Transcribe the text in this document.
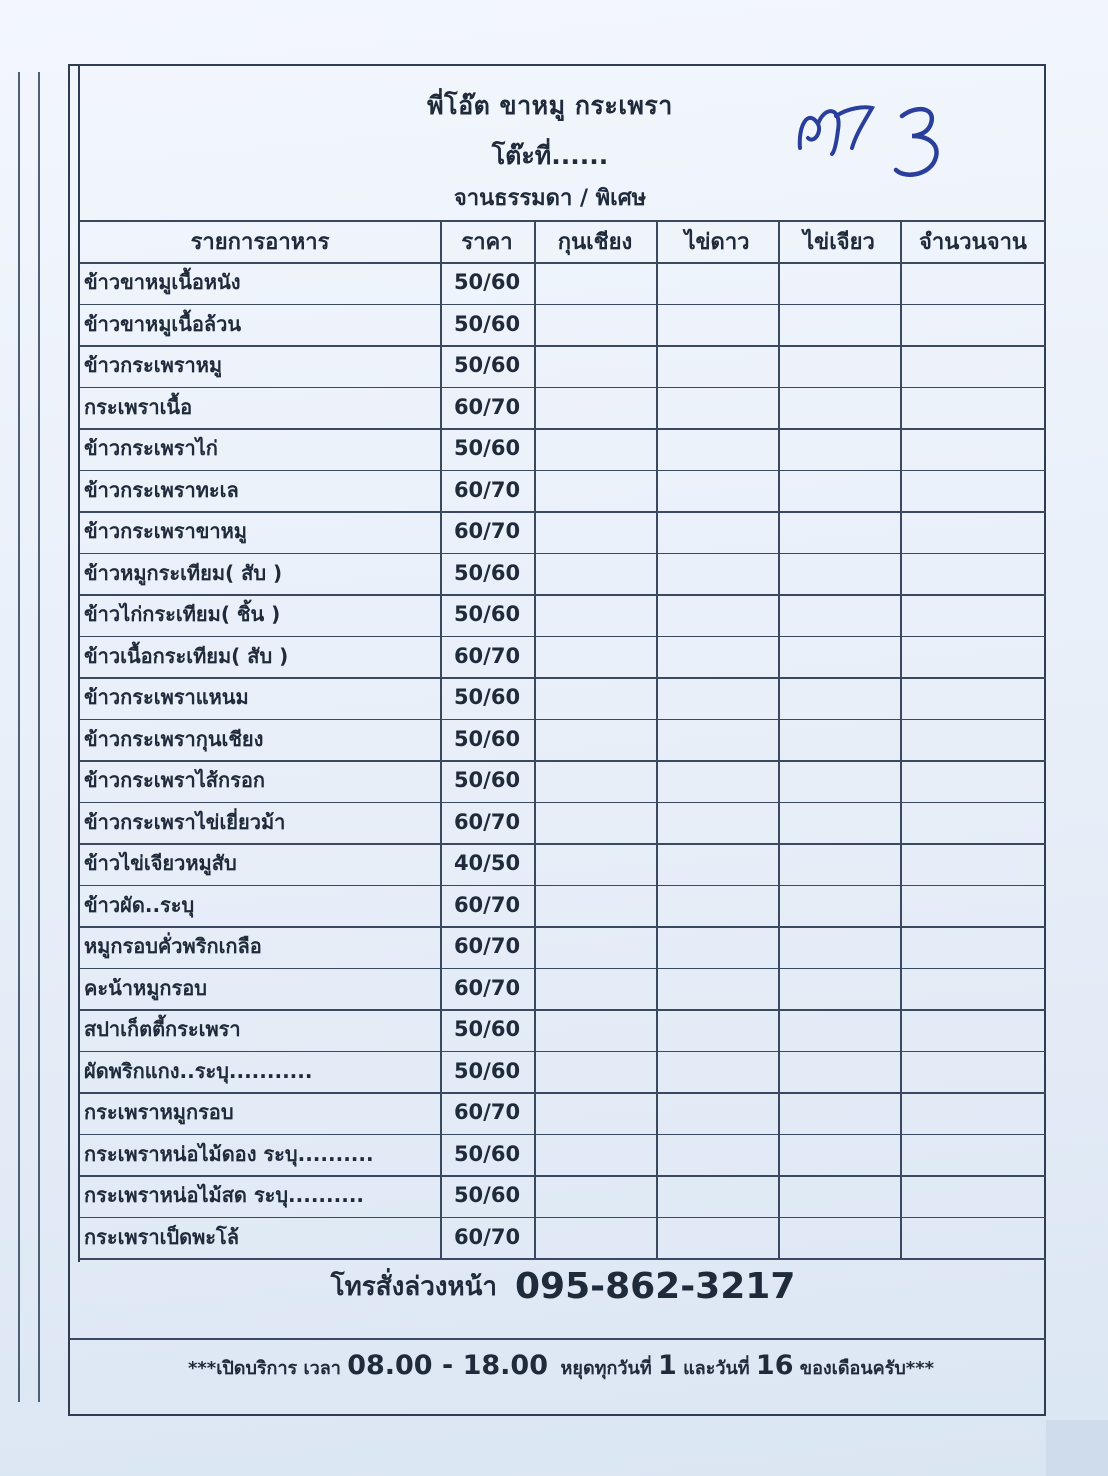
พี่โอ๊ต ขาหมู กระเพรา
โต๊ะที่......
จานธรรมดา / พิเศษ
รายการอาหาร	ราคา	กุนเชียง	ไข่ดาว	ไข่เจียว	จำนวนจาน
ข้าวขาหมูเนื้อหนัง	50/60
ข้าวขาหมูเนื้อล้วน	50/60
ข้าวกระเพราหมู	50/60
กระเพราเนื้อ	60/70
ข้าวกระเพราไก่	50/60
ข้าวกระเพราทะเล	60/70
ข้าวกระเพราขาหมู	60/70
ข้าวหมูกระเทียม( สับ )	50/60
ข้าวไก่กระเทียม( ชิ้น )	50/60
ข้าวเนื้อกระเทียม( สับ )	60/70
ข้าวกระเพราแหนม	50/60
ข้าวกระเพรากุนเชียง	50/60
ข้าวกระเพราไส้กรอก	50/60
ข้าวกระเพราไข่เยี่ยวม้า	60/70
ข้าวไข่เจียวหมูสับ	40/50
ข้าวผัด..ระบุ	60/70
หมูกรอบคั่วพริกเกลือ	60/70
คะน้าหมูกรอบ	60/70
สปาเก็ตตี้กระเพรา	50/60
ผัดพริกแกง..ระบุ...........	50/60
กระเพราหมูกรอบ	60/70
กระเพราหน่อไม้ดอง ระบุ..........	50/60
กระเพราหน่อไม้สด ระบุ..........	50/60
กระเพราเป็ดพะโล้	60/70
โทรสั่งล่วงหน้า 095-862-3217
***เปิดบริการ เวลา 08.00 - 18.00 หยุดทุกวันที่ 1 และวันที่ 16 ของเดือนครับ***
